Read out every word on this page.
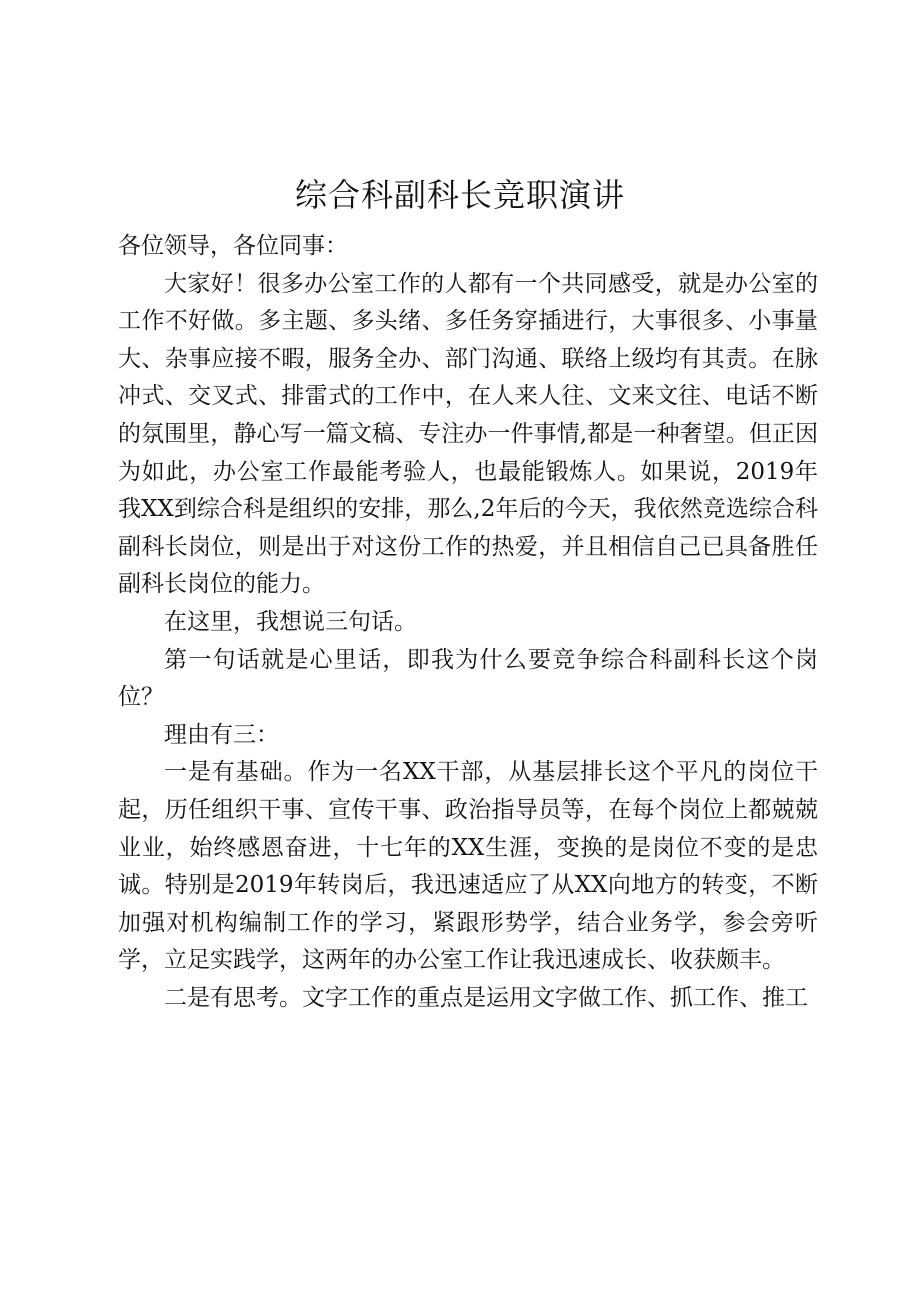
综合科副科长竞职演讲

各位领导，各位同事：

大家好！很多办公室工作的人都有一个共同感受，就是办公室的工作不好做。多主题、多头绪、多任务穿插进行，大事很多、小事量大、杂事应接不暇，服务全办、部门沟通、联络上级均有其责。在脉冲式、交叉式、排雷式的工作中，在人来人往、文来文往、电话不断的氛围里，静心写一篇文稿、专注办一件事情,都是一种奢望。但正因为如此，办公室工作最能考验人，也最能锻炼人。如果说，2019年我XX到综合科是组织的安排，那么,2年后的今天，我依然竞选综合科副科长岗位，则是出于对这份工作的热爱，并且相信自己已具备胜任副科长岗位的能力。

在这里，我想说三句话。

第一句话就是心里话，即我为什么要竞争综合科副科长这个岗位？

理由有三：

一是有基础。作为一名XX干部，从基层排长这个平凡的岗位干起，历任组织干事、宣传干事、政治指导员等，在每个岗位上都兢兢业业，始终感恩奋进，十七年的XX生涯，变换的是岗位不变的是忠诚。特别是2019年转岗后，我迅速适应了从XX向地方的转变，不断加强对机构编制工作的学习，紧跟形势学，结合业务学，参会旁听学，立足实践学，这两年的办公室工作让我迅速成长、收获颇丰。

二是有思考。文字工作的重点是运用文字做工作、抓工作、推工
